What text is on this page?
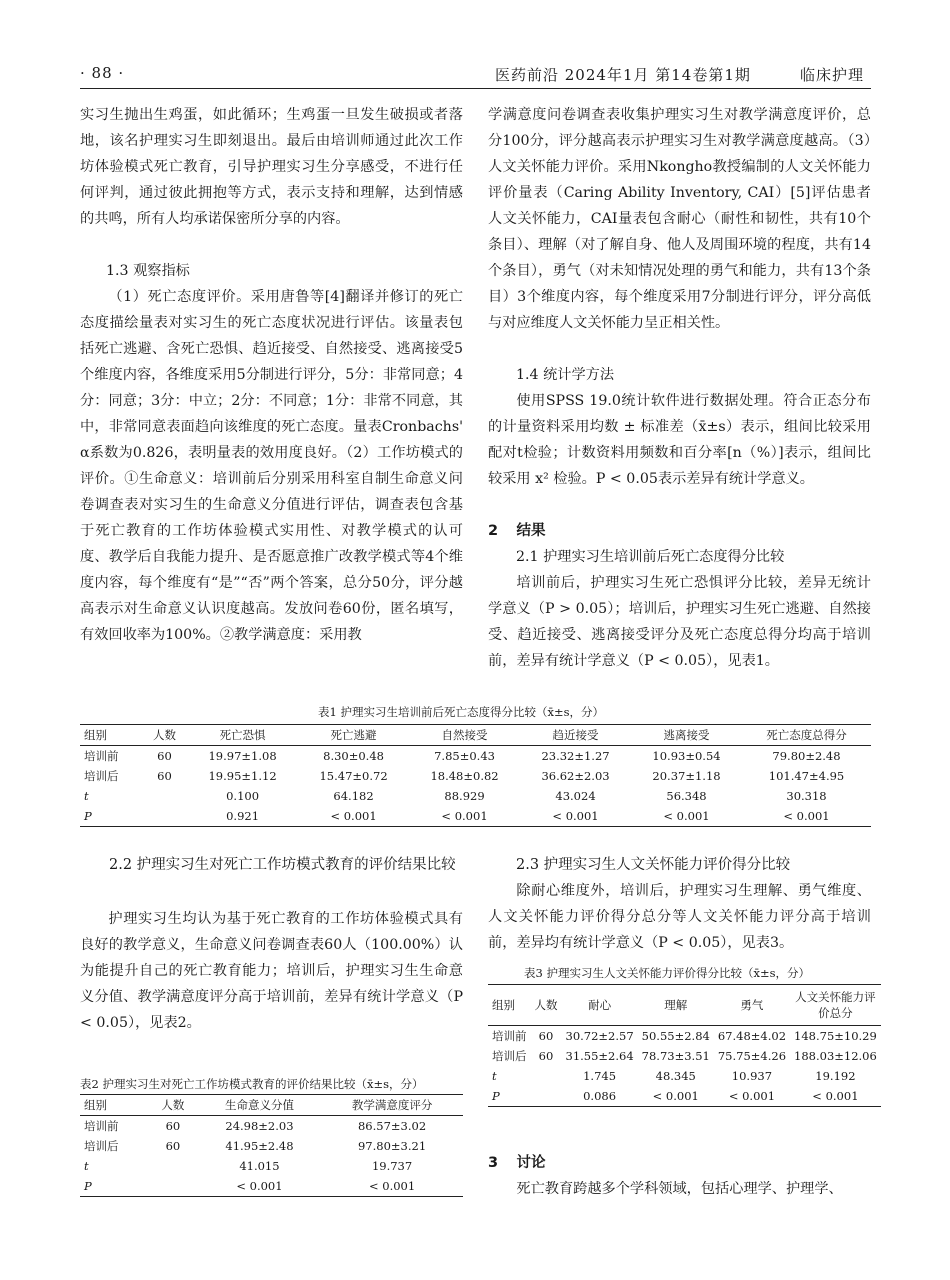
· 88 ·	医药前沿 2024年1月 第14卷第1期	临床护理

实习生抛出生鸡蛋，如此循环；生鸡蛋一旦发生破损或者落地，该名护理实习生即刻退出。最后由培训师通过此次工作坊体验模式死亡教育，引导护理实习生分享感受，不进行任何评判，通过彼此拥抱等方式，表示支持和理解，达到情感的共鸣，所有人均承诺保密所分享的内容。

1.3 观察指标

（1）死亡态度评价。采用唐鲁等[4]翻译并修订的死亡态度描绘量表对实习生的死亡态度状况进行评估。该量表包括死亡逃避、含死亡恐惧、趋近接受、自然接受、逃离接受5个维度内容，各维度采用5分制进行评分，5分：非常同意；4分：同意；3分：中立；2分：不同意；1分：非常不同意，其中，非常同意表面趋向该维度的死亡态度。量表Cronbachs' α系数为0.826，表明量表的效用度良好。（2）工作坊模式的评价。①生命意义：培训前后分别采用科室自制生命意义问卷调查表对实习生的生命意义分值进行评估，调查表包含基于死亡教育的工作坊体验模式实用性、对教学模式的认可度、教学后自我能力提升、是否愿意推广改教学模式等4个维度内容，每个维度有“是”“否”两个答案，总分50分，评分越高表示对生命意义认识度越高。发放问卷60份，匿名填写，有效回收率为100%。②教学满意度：采用教

学满意度问卷调查表收集护理实习生对教学满意度评价，总分100分，评分越高表示护理实习生对教学满意度越高。（3）人文关怀能力评价。采用Nkongho教授编制的人文关怀能力评价量表（Caring Ability Inventory, CAI）[5]评估患者人文关怀能力，CAI量表包含耐心（耐性和韧性，共有10个条目）、理解（对了解自身、他人及周围环境的程度，共有14个条目），勇气（对未知情况处理的勇气和能力，共有13个条目）3个维度内容，每个维度采用7分制进行评分，评分高低与对应维度人文关怀能力呈正相关性。

1.4 统计学方法

使用SPSS 19.0统计软件进行数据处理。符合正态分布的计量资料采用均数 ± 标准差（x̄±s）表示，组间比较采用配对t检验；计数资料用频数和百分率[n（%）]表示，组间比较采用 x² 检验。P < 0.05表示差异有统计学意义。

2 结果
2.1 护理实习生培训前后死亡态度得分比较

培训前后，护理实习生死亡恐惧评分比较，差异无统计学意义（P > 0.05）；培训后，护理实习生死亡逃避、自然接受、趋近接受、逃离接受评分及死亡态度总得分均高于培训前，差异有统计学意义（P < 0.05），见表1。

表1 护理实习生培训前后死亡态度得分比较（x̄±s，分）
组别	人数	死亡恐惧	死亡逃避	自然接受	趋近接受	逃离接受	死亡态度总得分
培训前	60	19.97±1.08	8.30±0.48	7.85±0.43	23.32±1.27	10.93±0.54	79.80±2.48
培训后	60	19.95±1.12	15.47±0.72	18.48±0.82	36.62±2.03	20.37±1.18	101.47±4.95
t		0.100	64.182	88.929	43.024	56.348	30.318
P		0.921	< 0.001	< 0.001	< 0.001	< 0.001	< 0.001
2.2 护理实习生对死亡工作坊模式教育的评价结果比较

护理实习生均认为基于死亡教育的工作坊体验模式具有良好的教学意义，生命意义问卷调查表60人（100.00%）认为能提升自己的死亡教育能力；培训后，护理实习生生命意义分值、教学满意度评分高于培训前，差异有统计学意义（P < 0.05），见表2。

表2 护理实习生对死亡工作坊模式教育的评价结果比较（x̄±s，分）
组别	人数	生命意义分值	教学满意度评分
培训前	60	24.98±2.03	86.57±3.02
培训后	60	41.95±2.48	97.80±3.21
t		41.015	19.737
P		< 0.001	< 0.001
2.3 护理实习生人文关怀能力评价得分比较

除耐心维度外，培训后，护理实习生理解、勇气维度、人文关怀能力评价得分总分等人文关怀能力评分高于培训前，差异均有统计学意义（P < 0.05），见表3。

表3 护理实习生人文关怀能力评价得分比较（x̄±s，分）
组别	人数	耐心	理解	勇气	人文关怀能力评价总分
培训前	60	30.72±2.57	50.55±2.84	67.48±4.02	148.75±10.29
培训后	60	31.55±2.64	78.73±3.51	75.75±4.26	188.03±12.06
t		1.745	48.345	10.937	19.192
P		0.086	< 0.001	< 0.001	< 0.001
3 讨论

死亡教育跨越多个学科领域，包括心理学、护理学、
